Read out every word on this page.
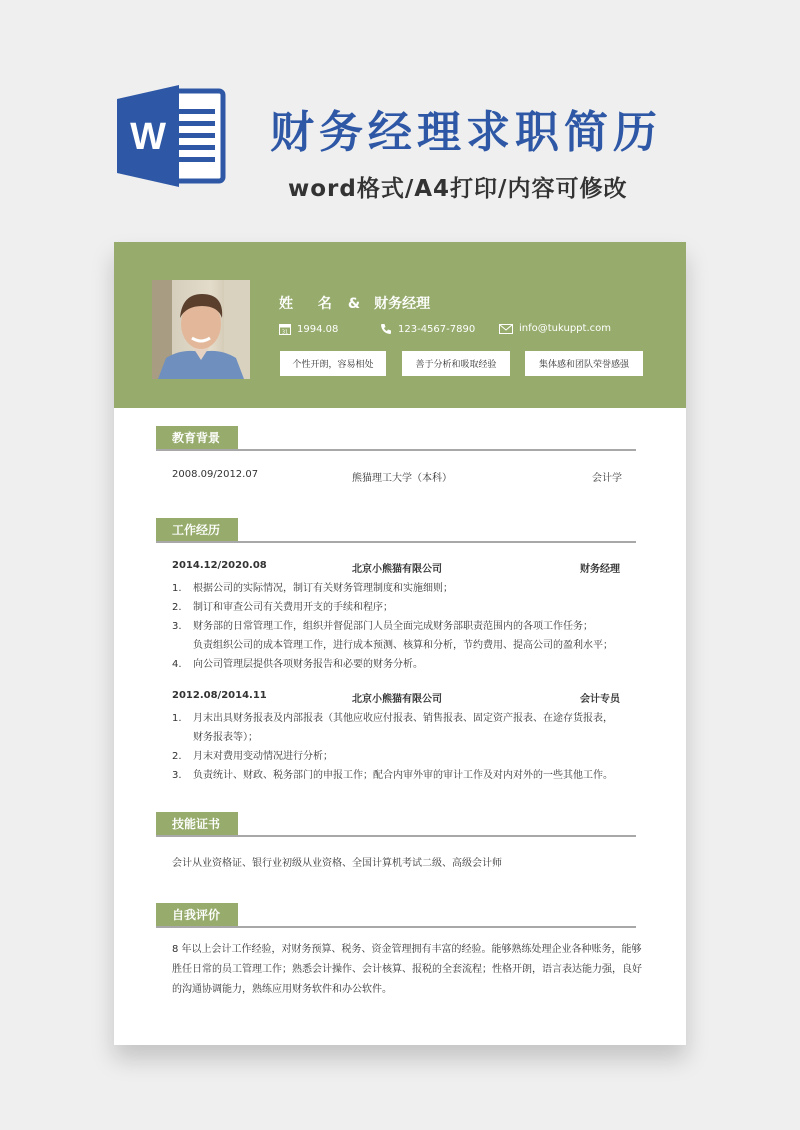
W 财务经理求职简历
word格式/A4打印/内容可修改
姓 名 & 财务经理
31 1994.08	123-4567-7890	info@tukuppt.com
个性开朗，容易相处	善于分析和吸取经验	集体感和团队荣誉感强
教育背景
2008.09/2012.07	熊猫理工大学（本科）	会计学
工作经历
2014.12/2020.08	北京小熊猫有限公司	财务经理
1. 根据公司的实际情况，制订有关财务管理制度和实施细则；
2. 制订和审查公司有关费用开支的手续和程序；
3. 财务部的日常管理工作，组织并督促部门人员全面完成财务部职责范围内的各项工作任务；
负责组织公司的成本管理工作，进行成本预测、核算和分析，节约费用、提高公司的盈利水平；
4. 向公司管理层提供各项财务报告和必要的财务分析。
2012.08/2014.11	北京小熊猫有限公司	会计专员
1. 月末出具财务报表及内部报表（其他应收应付报表、销售报表、固定资产报表、在途存货报表，
财务报表等）；
2. 月末对费用变动情况进行分析；
3. 负责统计、财政、税务部门的申报工作；配合内审外审的审计工作及对内对外的一些其他工作。
技能证书
会计从业资格证、银行业初级从业资格、全国计算机考试二级、高级会计师
自我评价
8 年以上会计工作经验，对财务预算、税务、资金管理拥有丰富的经验。能够熟练处理企业各种账务，能够胜任日常的员工管理工作；熟悉会计操作、会计核算、报税的全套流程；性格开朗，语言表达能力强，良好的沟通协调能力，熟练应用财务软件和办公软件。
